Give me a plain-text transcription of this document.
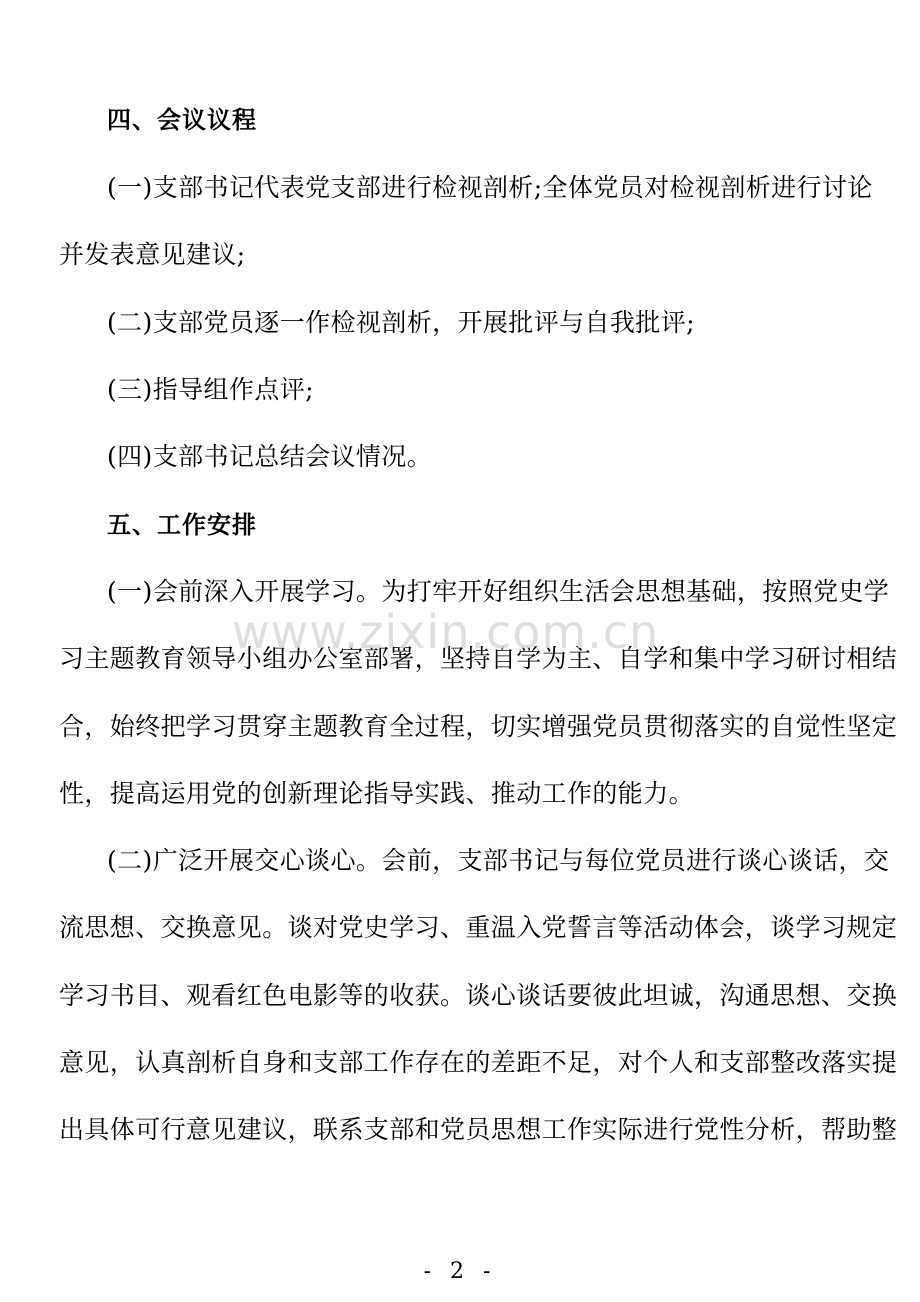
四、会议议程
(一)支部书记代表党支部进行检视剖析;全体党员对检视剖析进行讨论
并发表意见建议;
(二)支部党员逐一作检视剖析，开展批评与自我批评;
(三)指导组作点评;
(四)支部书记总结会议情况。
五、工作安排
(一)会前深入开展学习。为打牢开好组织生活会思想基础，按照党史学
习主题教育领导小组办公室部署，坚持自学为主、自学和集中学习研讨相结
合，始终把学习贯穿主题教育全过程，切实增强党员贯彻落实的自觉性坚定
性，提高运用党的创新理论指导实践、推动工作的能力。
(二)广泛开展交心谈心。会前，支部书记与每位党员进行谈心谈话，交
流思想、交换意见。谈对党史学习、重温入党誓言等活动体会，谈学习规定
学习书目、观看红色电影等的收获。谈心谈话要彼此坦诚，沟通思想、交换
意见，认真剖析自身和支部工作存在的差距不足，对个人和支部整改落实提
出具体可行意见建议，联系支部和党员思想工作实际进行党性分析，帮助整
www.zixin.com.cn
- 2 -
